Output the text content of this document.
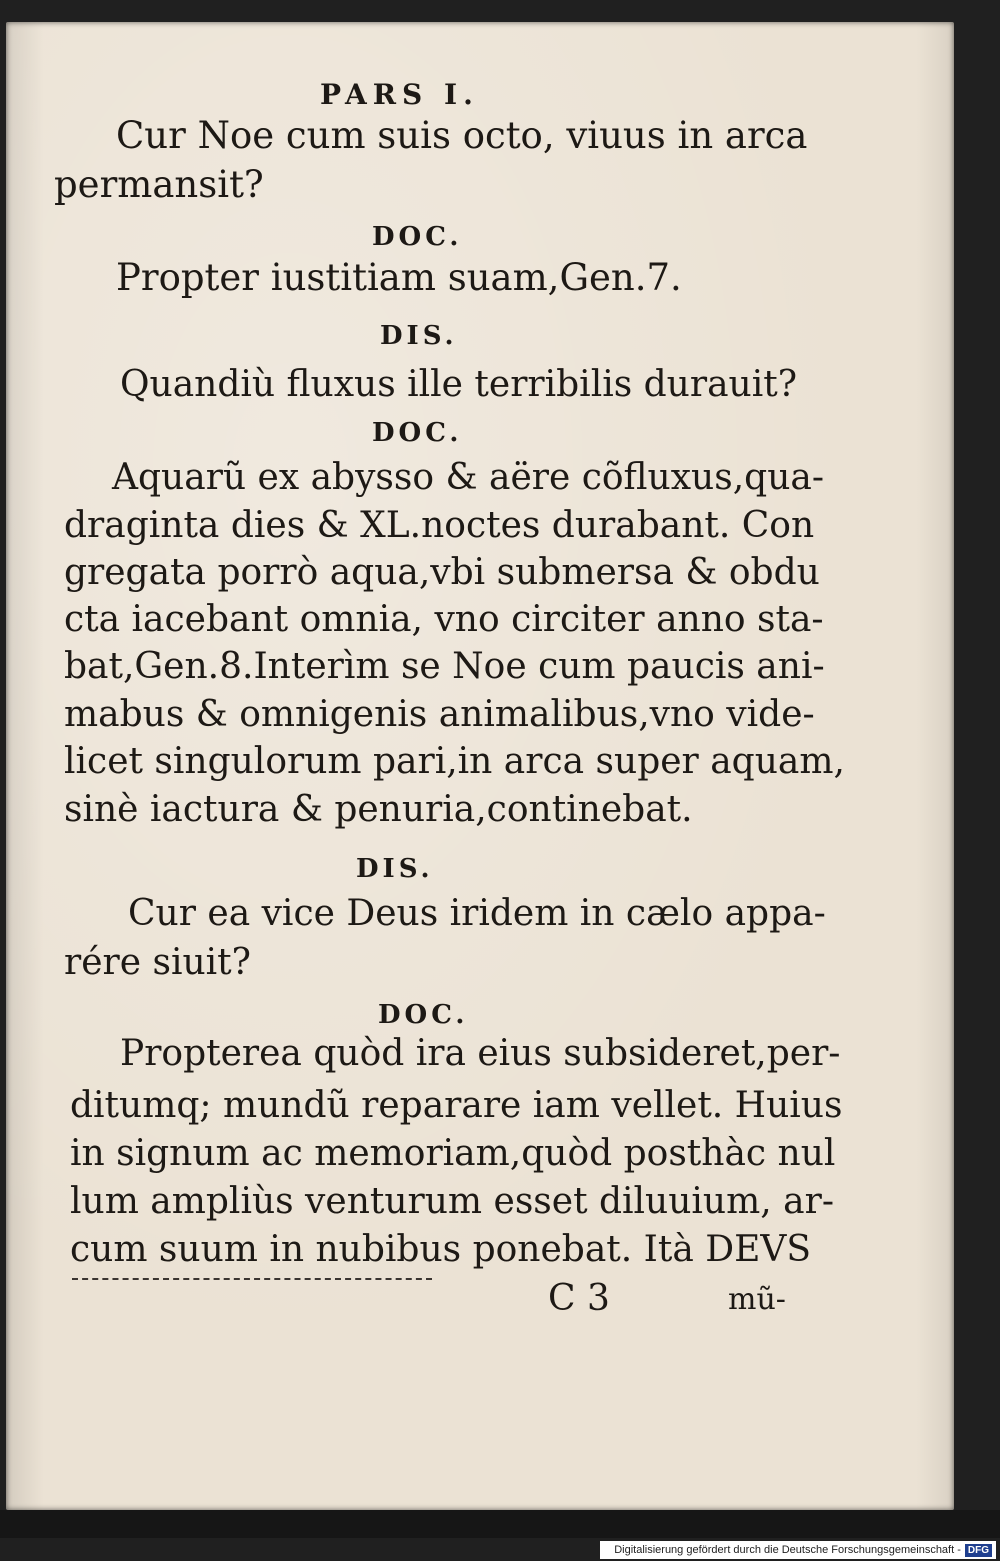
PARS I.
Cur Noe cum suis octo, viuus in arca
permansit?
DOC.
Propter iustitiam suam,Gen.7.
DIS.
Quandiù fluxus ille terribilis durauit?
DOC.
Aquarũ ex abysso & aëre cõfluxus,qua-
draginta dies & XL.noctes durabant. Con
gregata porrò aqua,vbi submersa & obdu
cta iacebant omnia, vno circiter anno sta-
bat,Gen.8.Interìm se Noe cum paucis ani-
mabus & omnigenis animalibus,vno vide-
licet singulorum pari,in arca super aquam,
sinè iactura & penuria,continebat.
DIS.
Cur ea vice Deus iridem in cælo appa-
rére siuit?
DOC.
Propterea quòd ira eius subsideret,per-
ditumq; mundũ reparare iam vellet. Huius
in signum ac memoriam,quòd posthàc nul
lum ampliùs venturum esset diluuium, ar-
cum suum in nubibus ponebat. Ità DEVS
C 3	mũ-
Digitalisierung gefördert durch die Deutsche Forschungsgemeinschaft - DFG
